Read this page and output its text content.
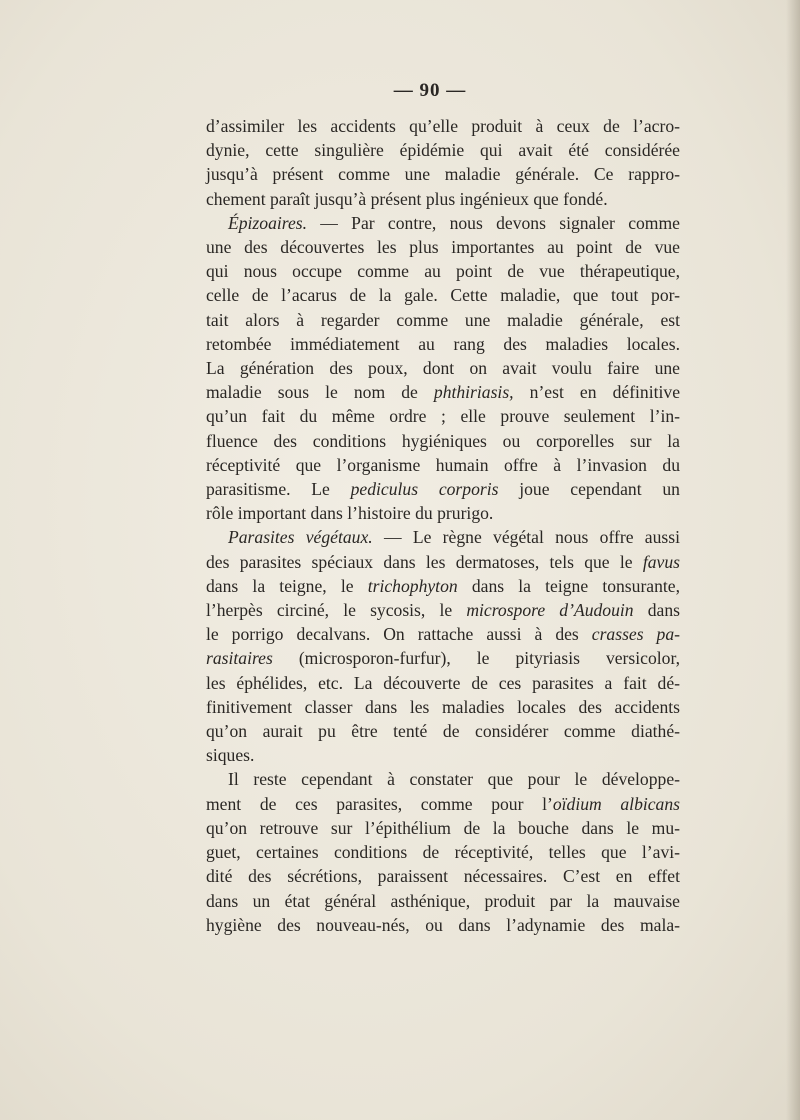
— 90 —
d’assimiler les accidents qu’elle produit à ceux de l’acro-
dynie, cette singulière épidémie qui avait été considérée
jusqu’à présent comme une maladie générale. Ce rappro-
chement paraît jusqu’à présent plus ingénieux que fondé.
Épizoaires. — Par contre, nous devons signaler comme
une des découvertes les plus importantes au point de vue
qui nous occupe comme au point de vue thérapeutique,
celle de l’acarus de la gale. Cette maladie, que tout por-
tait alors à regarder comme une maladie générale, est
retombée immédiatement au rang des maladies locales.
La génération des poux, dont on avait voulu faire une
maladie sous le nom de phthiriasis, n’est en définitive
qu’un fait du même ordre ; elle prouve seulement l’in-
fluence des conditions hygiéniques ou corporelles sur la
réceptivité que l’organisme humain offre à l’invasion du
parasitisme. Le pediculus corporis joue cependant un
rôle important dans l’histoire du prurigo.
Parasites végétaux. — Le règne végétal nous offre aussi
des parasites spéciaux dans les dermatoses, tels que le favus
dans la teigne, le trichophyton dans la teigne tonsurante,
l’herpès circiné, le sycosis, le microspore d’Audouin dans
le porrigo decalvans. On rattache aussi à des crasses pa-
rasitaires (microsporon-furfur), le pityriasis versicolor,
les éphélides, etc. La découverte de ces parasites a fait dé-
finitivement classer dans les maladies locales des accidents
qu’on aurait pu être tenté de considérer comme diathé-
siques.
Il reste cependant à constater que pour le développe-
ment de ces parasites, comme pour l’oïdium albicans
qu’on retrouve sur l’épithélium de la bouche dans le mu-
guet, certaines conditions de réceptivité, telles que l’avi-
dité des sécrétions, paraissent nécessaires. C’est en effet
dans un état général asthénique, produit par la mauvaise
hygiène des nouveau-nés, ou dans l’adynamie des mala-
